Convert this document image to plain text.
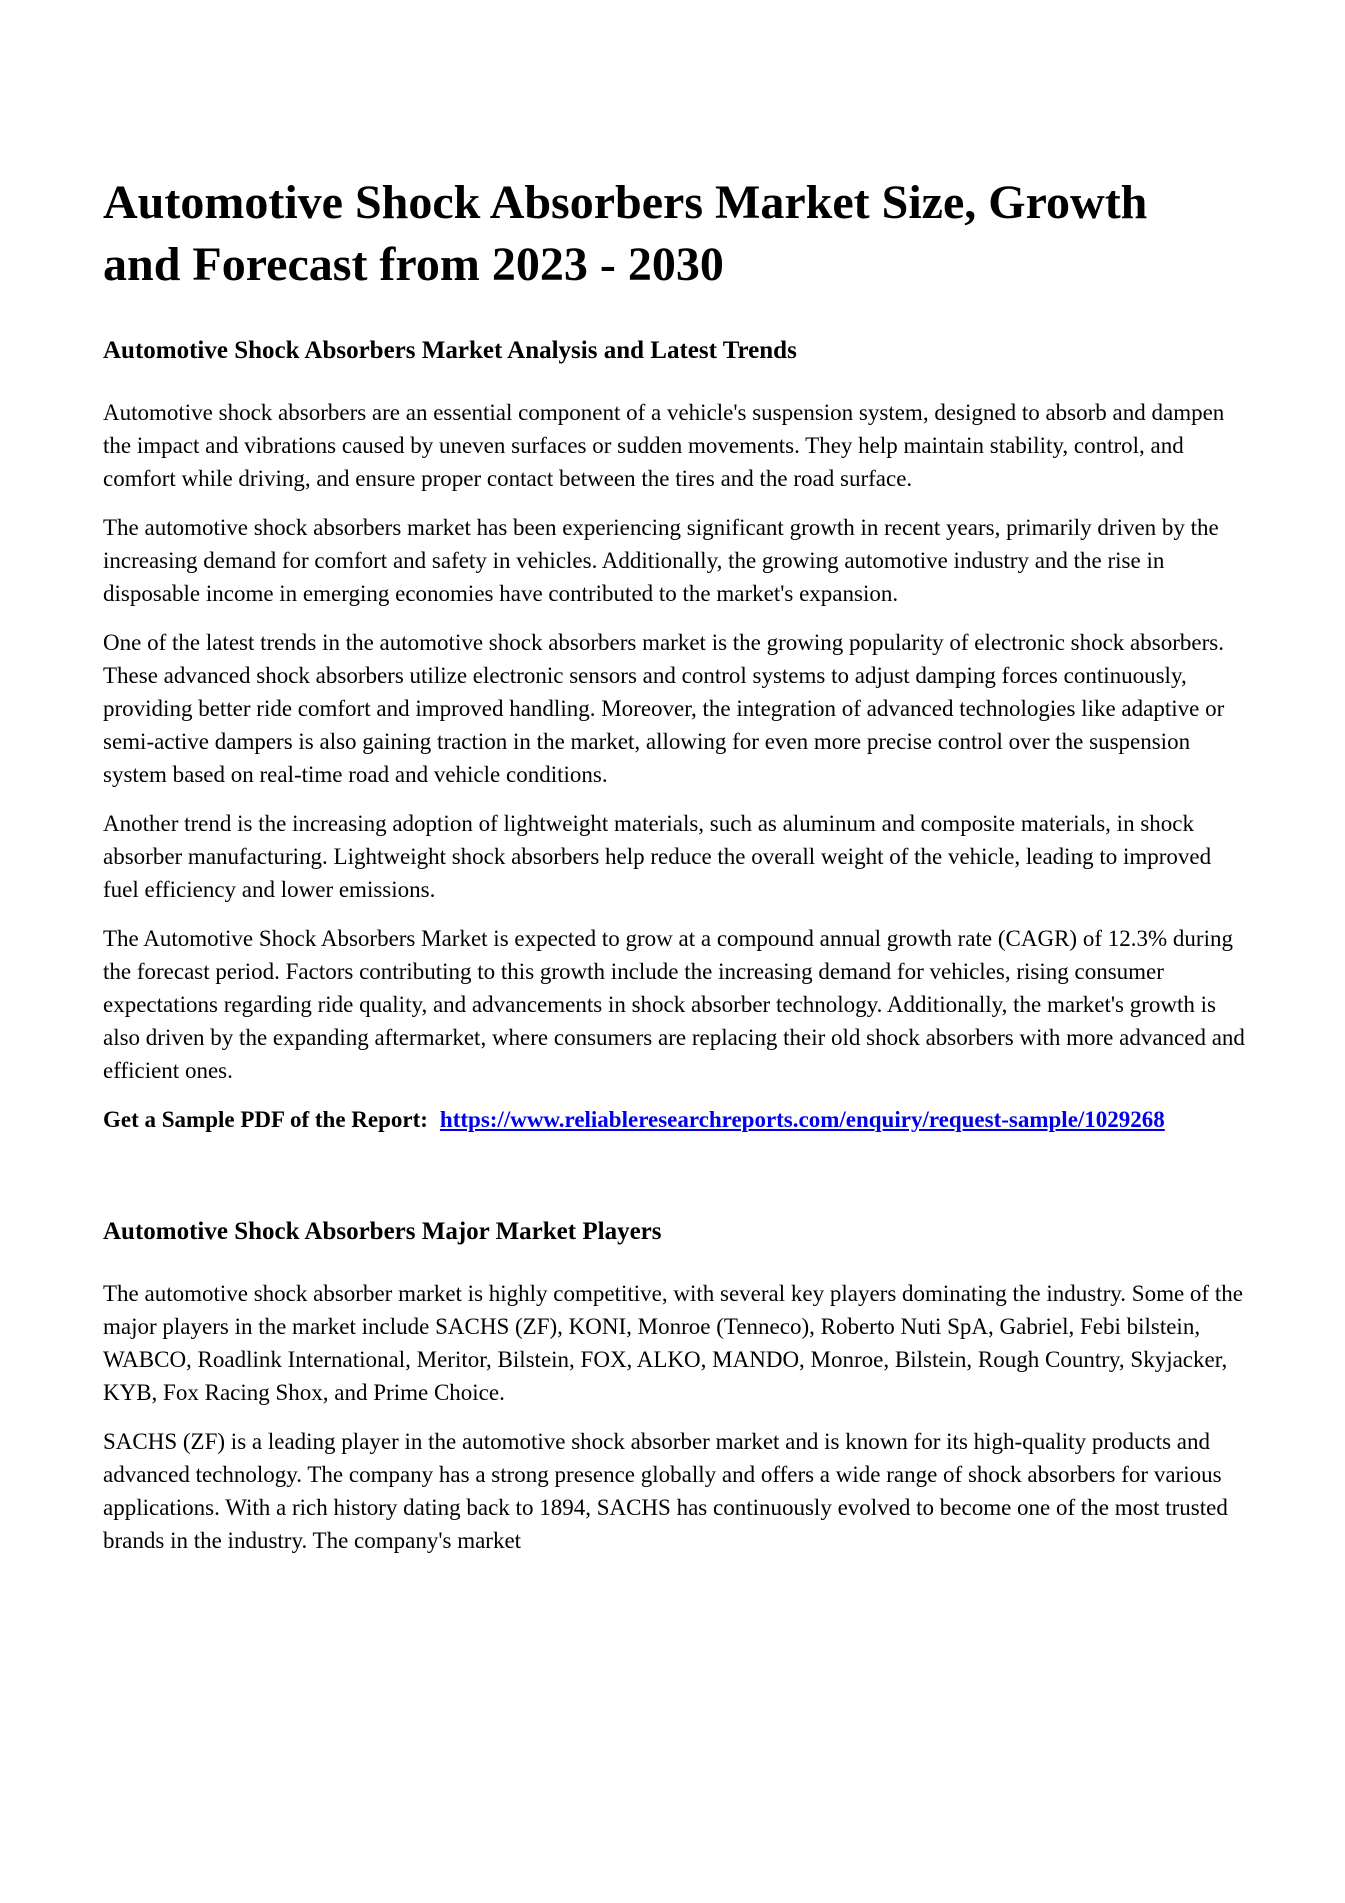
Automotive Shock Absorbers Market Size, Growth and Forecast from 2023 - 2030
Automotive Shock Absorbers Market Analysis and Latest Trends

Automotive shock absorbers are an essential component of a vehicle's suspension system, designed to absorb and dampen the impact and vibrations caused by uneven surfaces or sudden movements. They help maintain stability, control, and comfort while driving, and ensure proper contact between the tires and the road surface.

The automotive shock absorbers market has been experiencing significant growth in recent years, primarily driven by the increasing demand for comfort and safety in vehicles. Additionally, the growing automotive industry and the rise in disposable income in emerging economies have contributed to the market's expansion.

One of the latest trends in the automotive shock absorbers market is the growing popularity of electronic shock absorbers. These advanced shock absorbers utilize electronic sensors and control systems to adjust damping forces continuously, providing better ride comfort and improved handling. Moreover, the integration of advanced technologies like adaptive or semi-active dampers is also gaining traction in the market, allowing for even more precise control over the suspension system based on real-time road and vehicle conditions.

Another trend is the increasing adoption of lightweight materials, such as aluminum and composite materials, in shock absorber manufacturing. Lightweight shock absorbers help reduce the overall weight of the vehicle, leading to improved fuel efficiency and lower emissions.

The Automotive Shock Absorbers Market is expected to grow at a compound annual growth rate (CAGR) of 12.3% during the forecast period. Factors contributing to this growth include the increasing demand for vehicles, rising consumer expectations regarding ride quality, and advancements in shock absorber technology. Additionally, the market's growth is also driven by the expanding aftermarket, where consumers are replacing their old shock absorbers with more advanced and efficient ones.

Get a Sample PDF of the Report: https://www.reliableresearchreports.com/enquiry/request-sample/1029268

Automotive Shock Absorbers Major Market Players

The automotive shock absorber market is highly competitive, with several key players dominating the industry. Some of the major players in the market include SACHS (ZF), KONI, Monroe (Tenneco), Roberto Nuti SpA, Gabriel, Febi bilstein, WABCO, Roadlink International, Meritor, Bilstein, FOX, ALKO, MANDO, Monroe, Bilstein, Rough Country, Skyjacker, KYB, Fox Racing Shox, and Prime Choice.

SACHS (ZF) is a leading player in the automotive shock absorber market and is known for its high-quality products and advanced technology. The company has a strong presence globally and offers a wide range of shock absorbers for various applications. With a rich history dating back to 1894, SACHS has continuously evolved to become one of the most trusted brands in the industry. The company's market
